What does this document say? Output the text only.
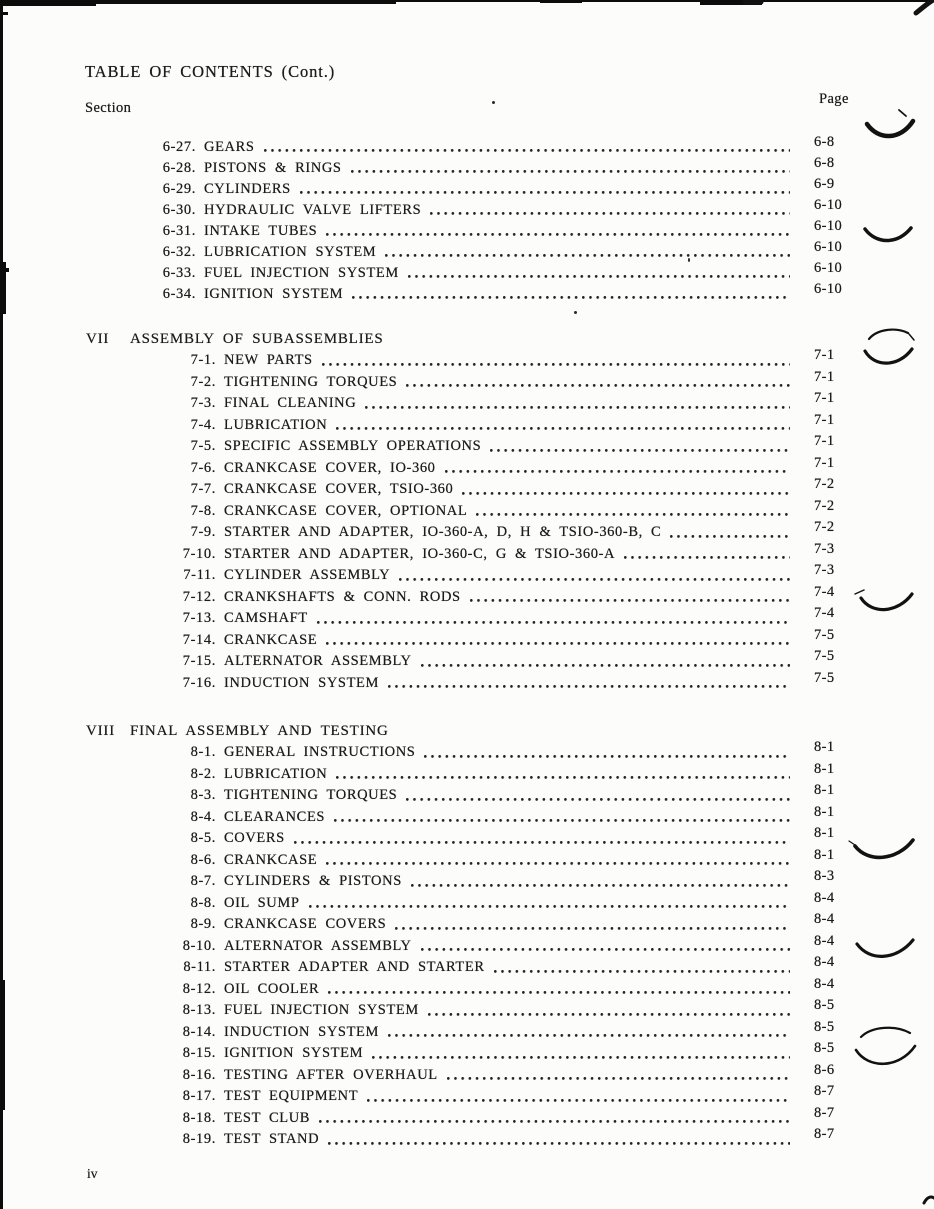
TABLE OF CONTENTS (Cont.)
Section
Page
6-27. GEARS	6-8
6-28. PISTONS & RINGS	6-8
6-29. CYLINDERS	6-9
6-30. HYDRAULIC VALVE LIFTERS	6-10
6-31. INTAKE TUBES	6-10
6-32. LUBRICATION SYSTEM	6-10
6-33. FUEL INJECTION SYSTEM	6-10
6-34. IGNITION SYSTEM	6-10
VII	ASSEMBLY OF SUBASSEMBLIES
7-1. NEW PARTS	7-1
7-2. TIGHTENING TORQUES	7-1
7-3. FINAL CLEANING	7-1
7-4. LUBRICATION	7-1
7-5. SPECIFIC ASSEMBLY OPERATIONS	7-1
7-6. CRANKCASE COVER, IO-360	7-1
7-7. CRANKCASE COVER, TSIO-360	7-2
7-8. CRANKCASE COVER, OPTIONAL	7-2
7-9. STARTER AND ADAPTER, IO-360-A, D, H & TSIO-360-B, C	7-2
7-10. STARTER AND ADAPTER, IO-360-C, G & TSIO-360-A	7-3
7-11. CYLINDER ASSEMBLY	7-3
7-12. CRANKSHAFTS & CONN. RODS	7-4
7-13. CAMSHAFT	7-4
7-14. CRANKCASE	7-5
7-15. ALTERNATOR ASSEMBLY	7-5
7-16. INDUCTION SYSTEM	7-5
VIII FINAL ASSEMBLY AND TESTING
8-1. GENERAL INSTRUCTIONS	8-1
8-2. LUBRICATION	8-1
8-3. TIGHTENING TORQUES	8-1
8-4. CLEARANCES	8-1
8-5. COVERS	8-1
8-6. CRANKCASE	8-1
8-7. CYLINDERS & PISTONS	8-3
8-8. OIL SUMP	8-4
8-9. CRANKCASE COVERS	8-4
8-10. ALTERNATOR ASSEMBLY	8-4
8-11. STARTER ADAPTER AND STARTER	8-4
8-12. OIL COOLER	8-4
8-13. FUEL INJECTION SYSTEM	8-5
8-14. INDUCTION SYSTEM	8-5
8-15. IGNITION SYSTEM	8-5
8-16. TESTING AFTER OVERHAUL	8-6
8-17. TEST EQUIPMENT	8-7
8-18. TEST CLUB	8-7
8-19. TEST STAND	8-7
iv
